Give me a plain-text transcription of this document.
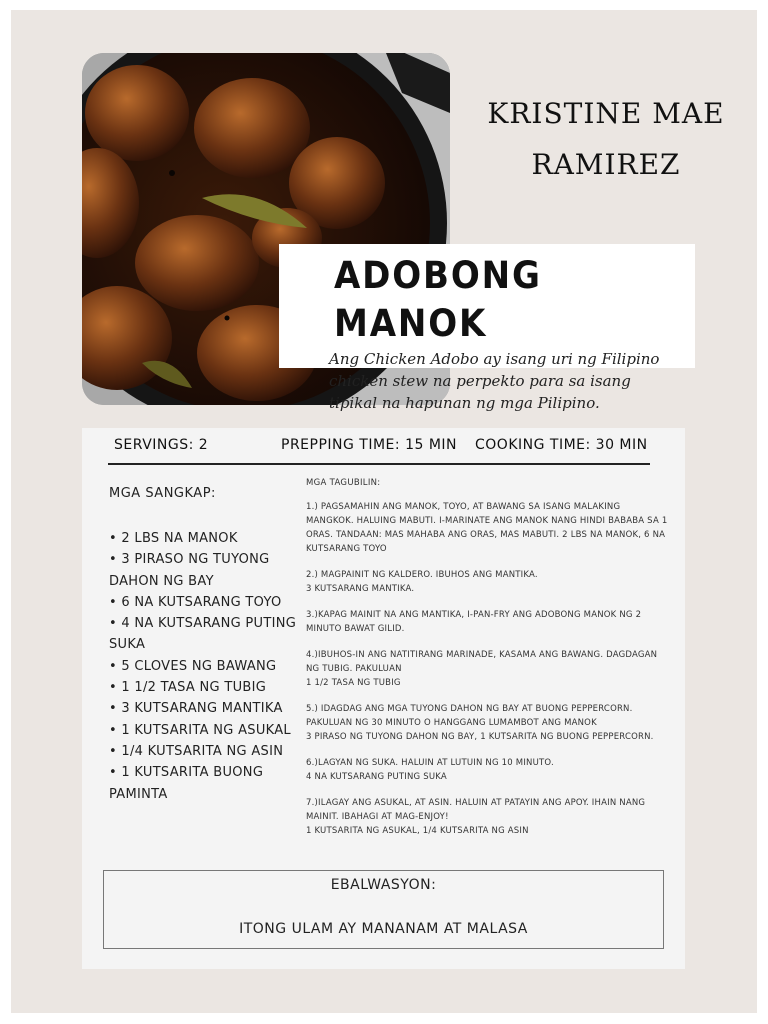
KRISTINE MAE
RAMIREZ
ADOBONG MANOK

Ang Chicken Adobo ay isang uri ng Filipino chicken stew na perpekto para sa isang tipikal na hapunan ng mga Pilipino.

SERVINGS: 2	PREPPING TIME: 15 MIN COOKING TIME: 30 MIN
MGA SANGKAP:
• 2 LBS NA MANOK
• 3 PIRASO NG TUYONG DAHON NG BAY
• 6 NA KUTSARANG TOYO
• 4 NA KUTSARANG PUTING SUKA
• 5 CLOVES NG BAWANG
• 1 1/2 TASA NG TUBIG
• 3 KUTSARANG MANTIKA
• 1 KUTSARITA NG ASUKAL
• 1/4 KUTSARITA NG ASIN
• 1 KUTSARITA BUONG PAMINTA

MGA TAGUBILIN:

1.) PAGSAMAHIN ANG MANOK, TOYO, AT BAWANG SA ISANG MALAKING

MANGKOK. HALUING MABUTI. I-MARINATE ANG MANOK NANG HINDI BABABA SA 1

ORAS. TANDAAN: MAS MAHABA ANG ORAS, MAS MABUTI. 2 LBS NA MANOK, 6 NA

KUTSARANG TOYO

2.) MAGPAINIT NG KALDERO. IBUHOS ANG MANTIKA.

3 KUTSARANG MANTIKA.

3.)KAPAG MAINIT NA ANG MANTIKA, I-PAN-FRY ANG ADOBONG MANOK NG 2

MINUTO BAWAT GILID.

4.)IBUHOS-IN ANG NATITIRANG MARINADE, KASAMA ANG BAWANG. DAGDAGAN

NG TUBIG. PAKULUAN

1 1/2 TASA NG TUBIG

5.) IDAGDAG ANG MGA TUYONG DAHON NG BAY AT BUONG PEPPERCORN.

PAKULUAN NG 30 MINUTO O HANGGANG LUMAMBOT ANG MANOK

3 PIRASO NG TUYONG DAHON NG BAY, 1 KUTSARITA NG BUONG PEPPERCORN.

6.)LAGYAN NG SUKA. HALUIN AT LUTUIN NG 10 MINUTO.

4 NA KUTSARANG PUTING SUKA

7.)ILAGAY ANG ASUKAL, AT ASIN. HALUIN AT PATAYIN ANG APOY. IHAIN NANG

MAINIT. IBAHAGI AT MAG-ENJOY!

1 KUTSARITA NG ASUKAL, 1/4 KUTSARITA NG ASIN

EBALWASYON:
ITONG ULAM AY MANANAM AT MALASA
